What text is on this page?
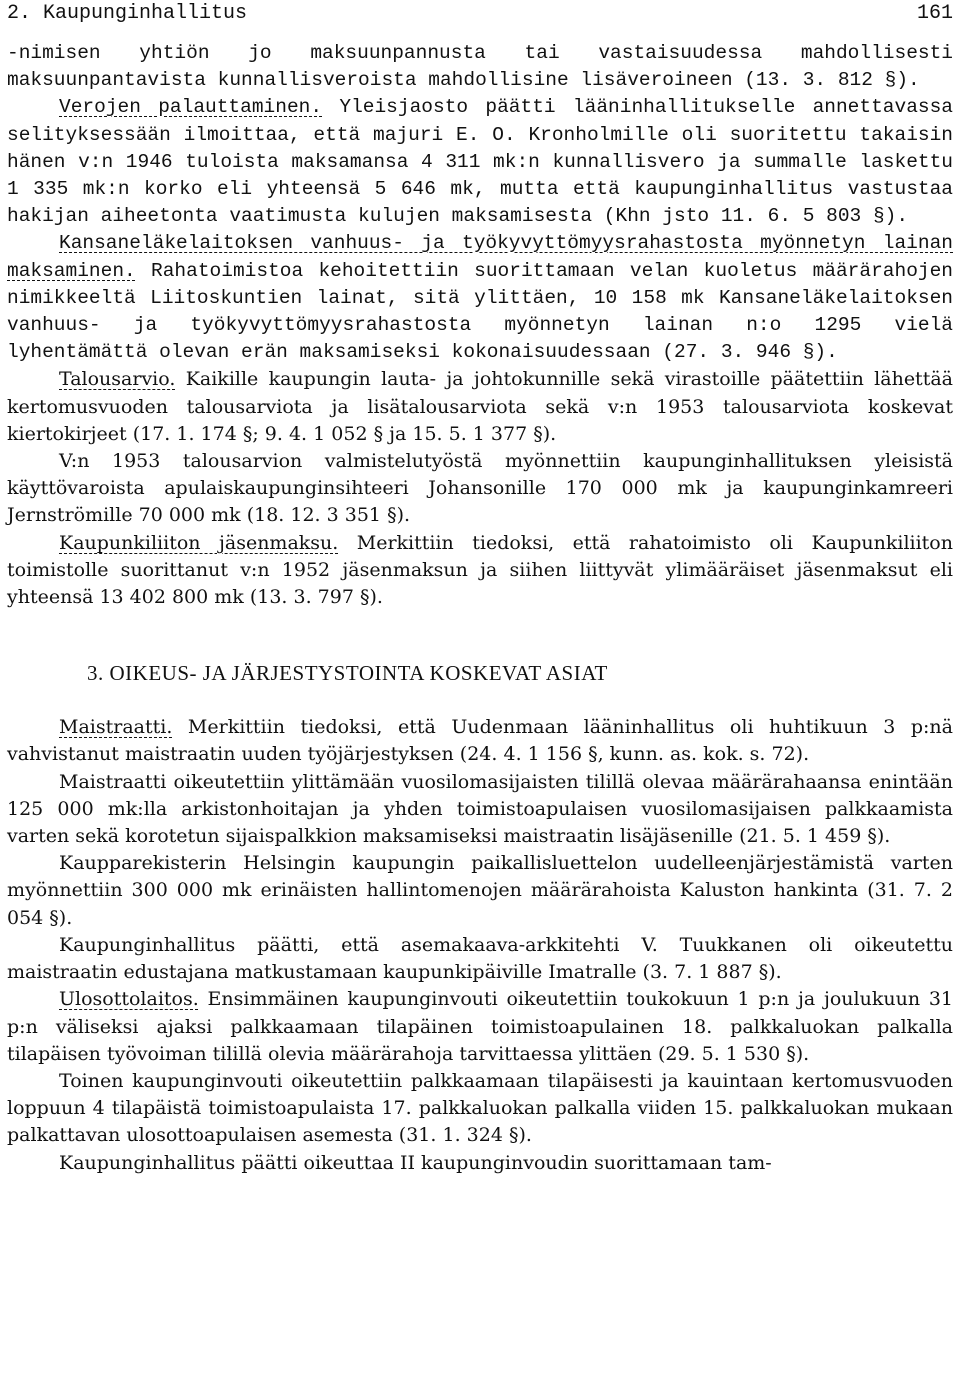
2. Kaupunginhallitus	161

-nimisen yhtiön jo maksuunpannusta tai vastaisuudessa mahdollisesti maksuunpantavista kunnallisveroista mahdollisine lisäveroineen (13. 3. 812 §).

Verojen palauttaminen. Yleisjaosto päätti lääninhallitukselle annettavassa selityksessään ilmoittaa, että majuri E. O. Kronholmille oli suoritettu takaisin hänen v:n 1946 tuloista maksamansa 4 311 mk:n kunnallisvero ja summalle laskettu 1 335 mk:n korko eli yhteensä 5 646 mk, mutta että kaupunginhallitus vastustaa hakijan aiheetonta vaatimusta kulujen maksamisesta (Khn jsto 11. 6. 5 803 §).

Kansaneläkelaitoksen vanhuus- ja työkyvyttömyysrahastosta myönnetyn lainan maksaminen. Rahatoimistoa kehoitettiin suorittamaan velan kuoletus määrärahojen nimikkeeltä Liitoskuntien lainat, sitä ylittäen, 10 158 mk Kansaneläkelaitoksen vanhuus- ja työkyvyttömyysrahastosta myönnetyn lainan n:o 1295 vielä lyhentämättä olevan erän maksamiseksi kokonaisuudessaan (27. 3. 946 §).

Talousarvio. Kaikille kaupungin lauta- ja johtokunnille sekä virastoille päätettiin lähettää kertomusvuoden talousarviota ja lisätalousarviota sekä v:n 1953 talousarviota koskevat kiertokirjeet (17. 1. 174 §; 9. 4. 1 052 § ja 15. 5. 1 377 §).

V:n 1953 talousarvion valmistelutyöstä myönnettiin kaupunginhallituksen yleisistä käyttövaroista apulaiskaupunginsihteeri Johansonille 170 000 mk ja kaupunginkamreeri Jernströmille 70 000 mk (18. 12. 3 351 §).

Kaupunkiliiton jäsenmaksu. Merkittiin tiedoksi, että rahatoimisto oli Kaupunkiliiton toimistolle suorittanut v:n 1952 jäsenmaksun ja siihen liittyvät ylimääräiset jäsenmaksut eli yhteensä 13 402 800 mk (13. 3. 797 §).

3. OIKEUS- JA JÄRJESTYSTOINTA KOSKEVAT ASIAT

Maistraatti. Merkittiin tiedoksi, että Uudenmaan lääninhallitus oli huhtikuun 3 p:nä vahvistanut maistraatin uuden työjärjestyksen (24. 4. 1 156 §, kunn. as. kok. s. 72).

Maistraatti oikeutettiin ylittämään vuosilomasijaisten tilillä olevaa määrärahaansa enintään 125 000 mk:lla arkistonhoitajan ja yhden toimistoapulaisen vuosilomasijaisen palkkaamista varten sekä korotetun sijaispalkkion maksamiseksi maistraatin lisäjäsenille (21. 5. 1 459 §).

Kaupparekisterin Helsingin kaupungin paikallisluettelon uudelleenjärjestämistä varten myönnettiin 300 000 mk erinäisten hallintomenojen määrärahoista Kaluston hankinta (31. 7. 2 054 §).

Kaupunginhallitus päätti, että asemakaava-arkkitehti V. Tuukkanen oli oikeutettu maistraatin edustajana matkustamaan kaupunkipäiville Imatralle (3. 7. 1 887 §).

Ulosottolaitos. Ensimmäinen kaupunginvouti oikeutettiin toukokuun 1 p:n ja joulukuun 31 p:n väliseksi ajaksi palkkaamaan tilapäinen toimistoapulainen 18. palkkaluokan palkalla tilapäisen työvoiman tilillä olevia määrärahoja tarvittaessa ylittäen (29. 5. 1 530 §).

Toinen kaupunginvouti oikeutettiin palkkaamaan tilapäisesti ja kauintaan kertomusvuoden loppuun 4 tilapäistä toimistoapulaista 17. palkkaluokan palkalla viiden 15. palkkaluokan mukaan palkattavan ulosottoapulaisen asemesta (31. 1. 324 §).

Kaupunginhallitus päätti oikeuttaa II kaupunginvoudin suorittamaan tam-
